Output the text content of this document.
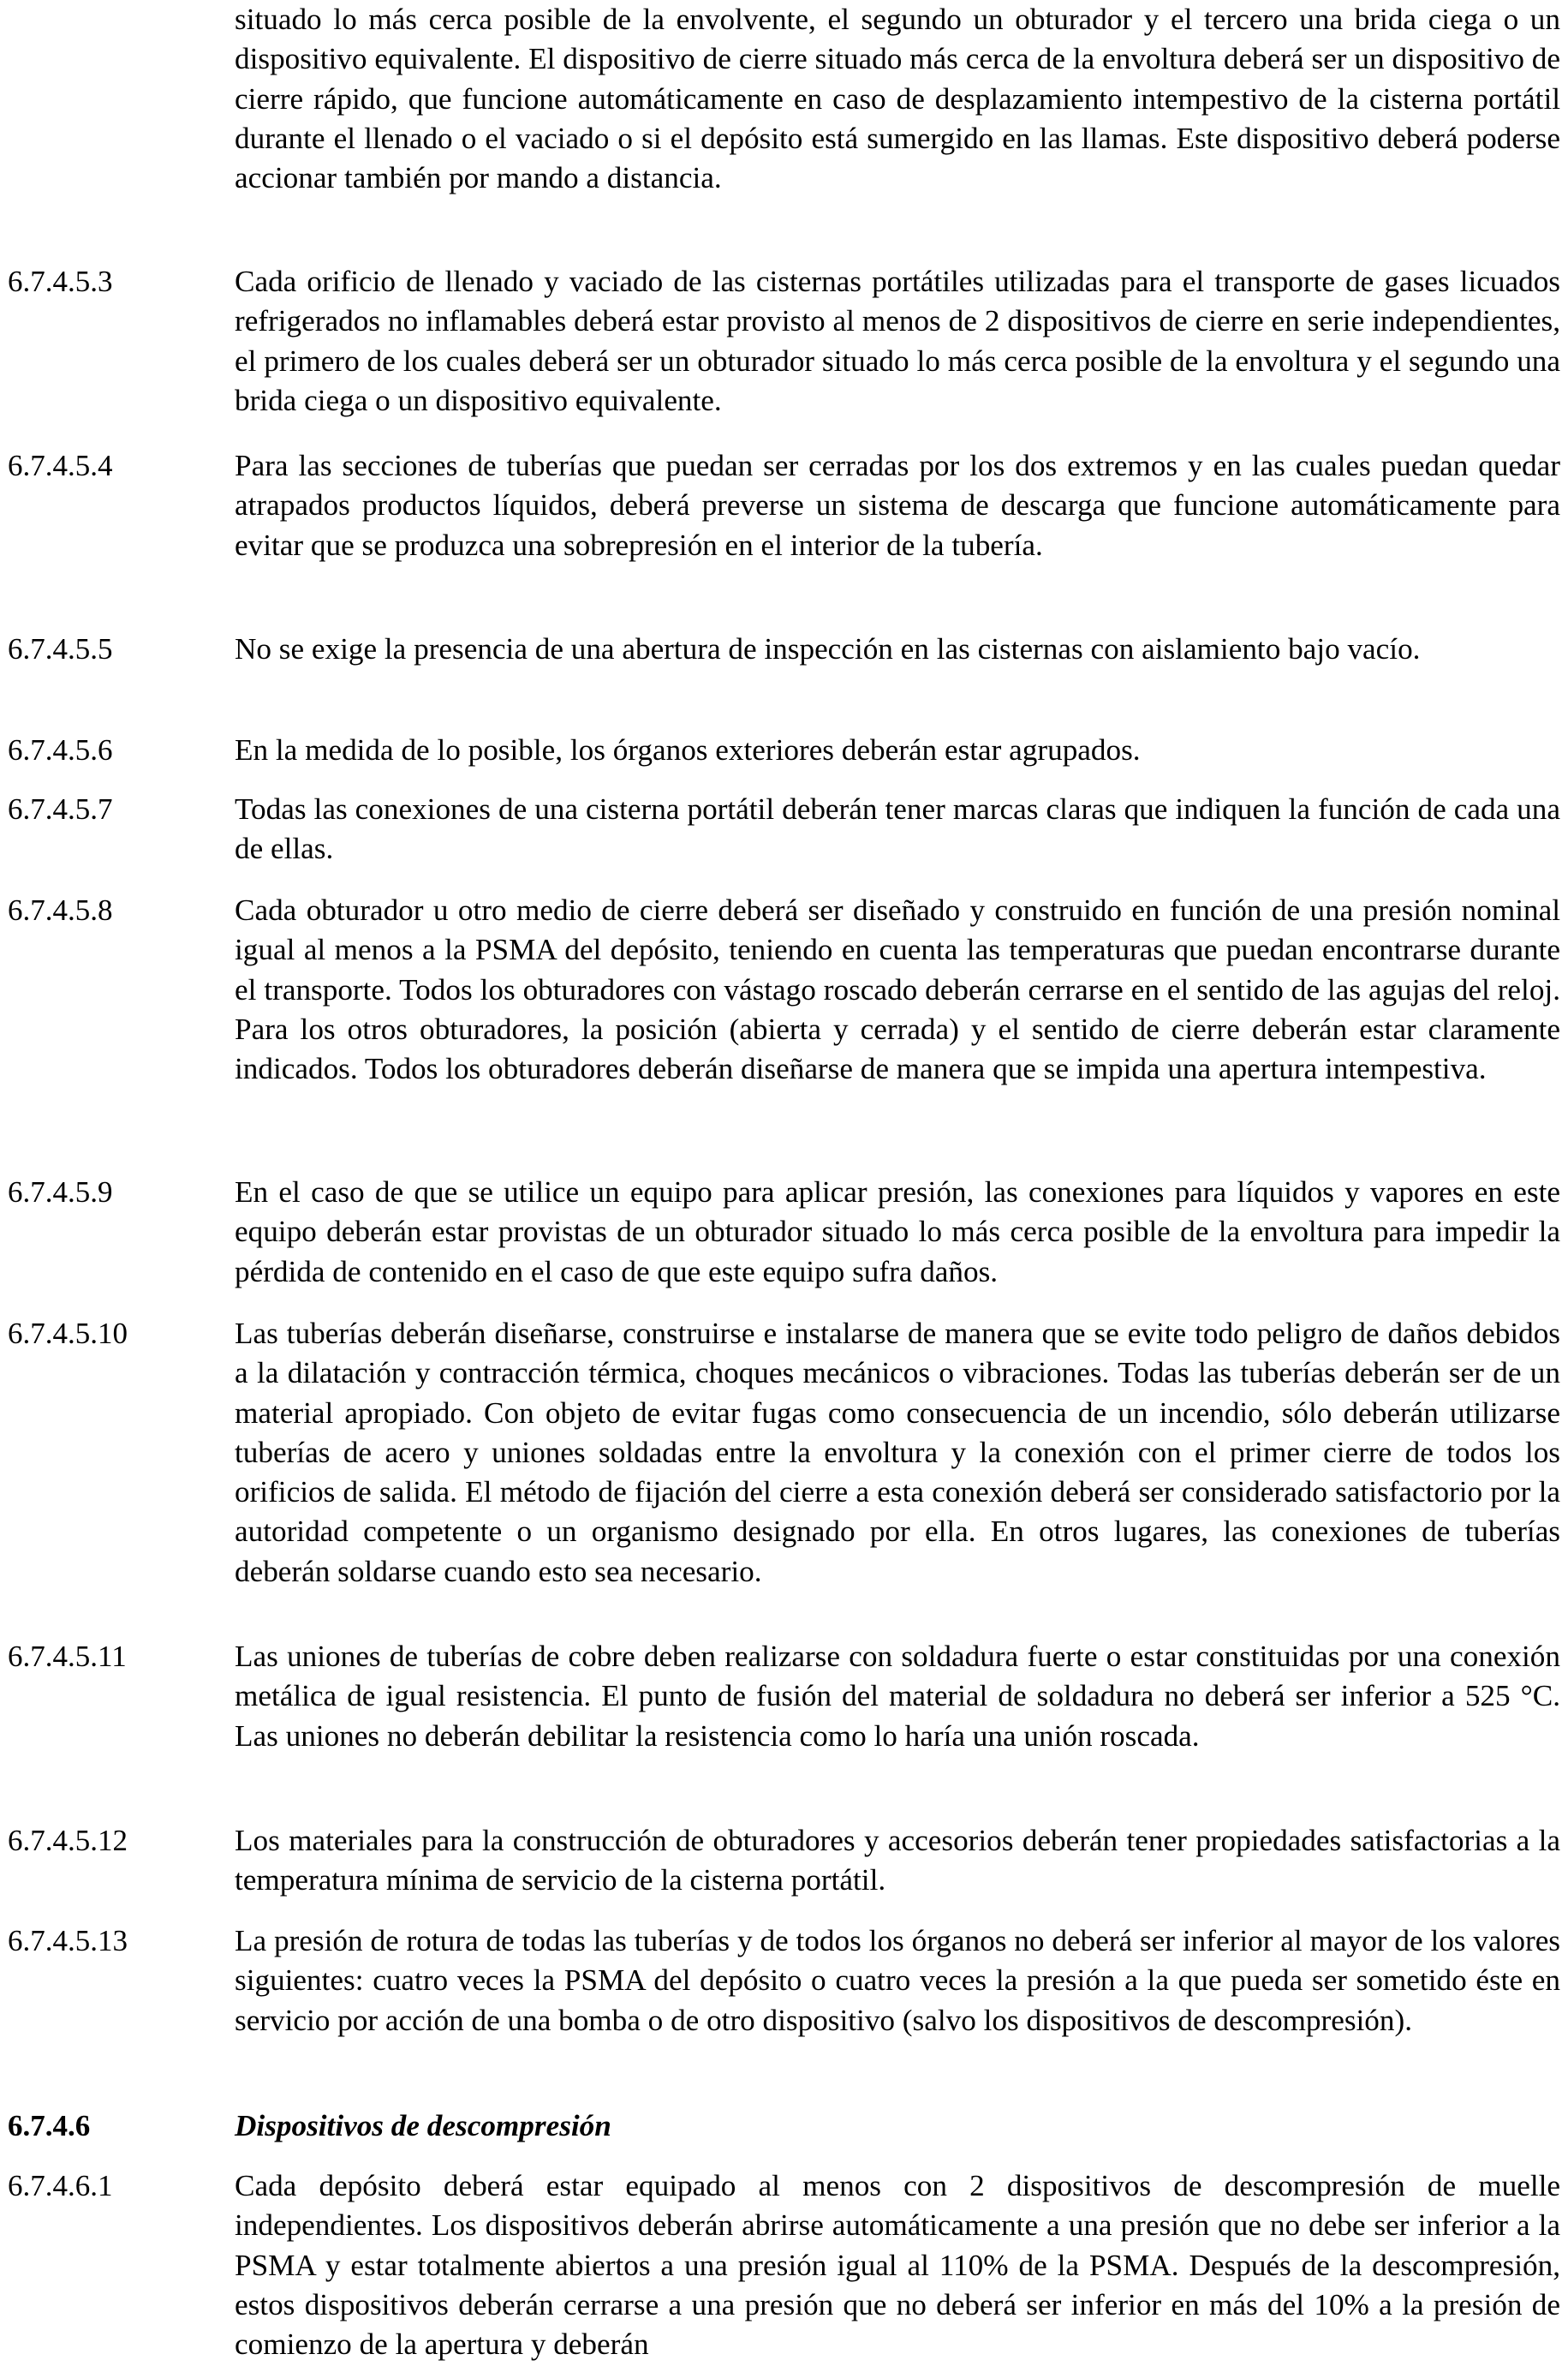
situado lo más cerca posible de la envolvente, el segundo un obturador y el tercero una brida ciega o un dispositivo equivalente. El dispositivo de cierre situado más cerca de la envoltura deberá ser un dispositivo de cierre rápido, que funcione automáticamente en caso de desplazamiento intempestivo de la cisterna portátil durante el llenado o el vaciado o si el depósito está sumergido en las llamas. Este dispositivo deberá poderse accionar también por mando a distancia.
6.7.4.5.3	Cada orificio de llenado y vaciado de las cisternas portátiles utilizadas para el transporte de gases licuados refrigerados no inflamables deberá estar provisto al menos de 2 dispositivos de cierre en serie independientes, el primero de los cuales deberá ser un obturador situado lo más cerca posible de la envoltura y el segundo una brida ciega o un dispositivo equivalente.
6.7.4.5.4	Para las secciones de tuberías que puedan ser cerradas por los dos extremos y en las cuales puedan quedar atrapados productos líquidos, deberá preverse un sistema de descarga que funcione automáticamente para evitar que se produzca una sobrepresión en el interior de la tubería.
6.7.4.5.5	No se exige la presencia de una abertura de inspección en las cisternas con aislamiento bajo vacío.
6.7.4.5.6	En la medida de lo posible, los órganos exteriores deberán estar agrupados.
6.7.4.5.7	Todas las conexiones de una cisterna portátil deberán tener marcas claras que indiquen la función de cada una de ellas.
6.7.4.5.8	Cada obturador u otro medio de cierre deberá ser diseñado y construido en función de una presión nominal igual al menos a la PSMA del depósito, teniendo en cuenta las temperaturas que puedan encontrarse durante el transporte. Todos los obturadores con vástago roscado deberán cerrarse en el sentido de las agujas del reloj. Para los otros obturadores, la posición (abierta y cerrada) y el sentido de cierre deberán estar claramente indicados. Todos los obturadores deberán diseñarse de manera que se impida una apertura intempestiva.
6.7.4.5.9	En el caso de que se utilice un equipo para aplicar presión, las conexiones para líquidos y vapores en este equipo deberán estar provistas de un obturador situado lo más cerca posible de la envoltura para impedir la pérdida de contenido en el caso de que este equipo sufra daños.
6.7.4.5.10	Las tuberías deberán diseñarse, construirse e instalarse de manera que se evite todo peligro de daños debidos a la dilatación y contracción térmica, choques mecánicos o vibraciones. Todas las tuberías deberán ser de un material apropiado. Con objeto de evitar fugas como consecuencia de un incendio, sólo deberán utilizarse tuberías de acero y uniones soldadas entre la envoltura y la conexión con el primer cierre de todos los orificios de salida. El método de fijación del cierre a esta conexión deberá ser considerado satisfactorio por la autoridad competente o un organismo designado por ella. En otros lugares, las conexiones de tuberías deberán soldarse cuando esto sea necesario.
6.7.4.5.11	Las uniones de tuberías de cobre deben realizarse con soldadura fuerte o estar constituidas por una conexión metálica de igual resistencia. El punto de fusión del material de soldadura no deberá ser inferior a 525 °C. Las uniones no deberán debilitar la resistencia como lo haría una unión roscada.
6.7.4.5.12	Los materiales para la construcción de obturadores y accesorios deberán tener propiedades satisfactorias a la temperatura mínima de servicio de la cisterna portátil.
6.7.4.5.13	La presión de rotura de todas las tuberías y de todos los órganos no deberá ser inferior al mayor de los valores siguientes: cuatro veces la PSMA del depósito o cuatro veces la presión a la que pueda ser sometido éste en servicio por acción de una bomba o de otro dispositivo (salvo los dispositivos de descompresión).
6.7.4.6	Dispositivos de descompresión
6.7.4.6.1	Cada depósito deberá estar equipado al menos con 2 dispositivos de descompresión de muelle independientes. Los dispositivos deberán abrirse automáticamente a una presión que no debe ser inferior a la PSMA y estar totalmente abiertos a una presión igual al 110% de la PSMA. Después de la descompresión, estos dispositivos deberán cerrarse a una presión que no deberá ser inferior en más del 10% a la presión de comienzo de la apertura y deberán
